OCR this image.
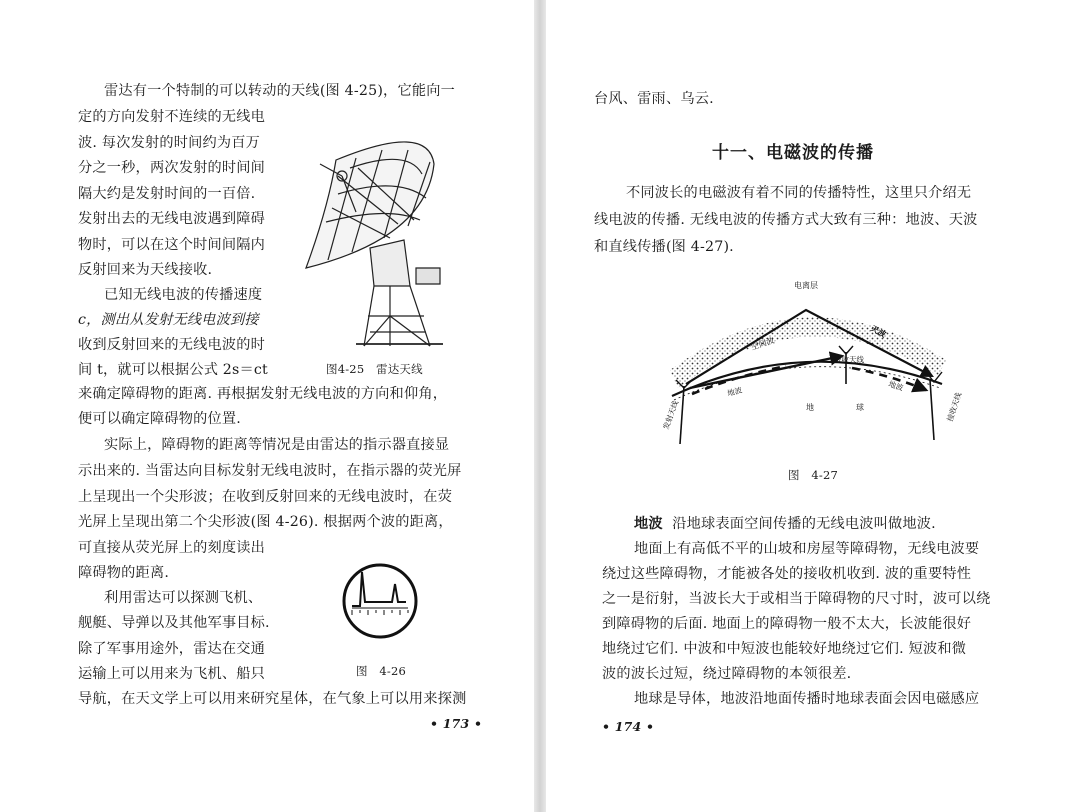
雷达有一个特制的可以转动的天线(图 4-25)，它能向一
定的方向发射不连续的无线电
波. 每次发射的时间约为百万
分之一秒，两次发射的时间间
隔大约是发射时间的一百倍.
发射出去的无线电波遇到障碍
物时，可以在这个时间间隔内
反射回来为天线接收.
已知无线电波的传播速度
c，测出从发射无线电波到接
收到反射回来的无线电波的时
间 t，就可以根据公式 2s＝ct
来确定障碍物的距离. 再根据发射无线电波的方向和仰角，
便可以确定障碍物的位置.
实际上，障碍物的距离等情况是由雷达的指示器直接显
示出来的. 当雷达向目标发射无线电波时，在指示器的荧光屏
上呈现出一个尖形波；在收到反射回来的无线电波时，在荧
光屏上呈现出第二个尖形波(图 4-26). 根据两个波的距离，
可直接从荧光屏上的刻度读出
障碍物的距离.
利用雷达可以探测飞机、
舰艇、导弹以及其他军事目标.
除了军事用途外，雷达在交通
运输上可以用来为飞机、船只
导航，在天文学上可以用来研究星体，在气象上可以用来探测
图4-25　雷达天线
图　4-26
• 173 •
台风、雷雨、乌云.
十一、电磁波的传播
不同波长的电磁波有着不同的传播特性，这里只介绍无
线电波的传播. 无线电波的传播方式大致有三种：地波、天波
和直线传播(图 4-27).
电离层
天波
空间波
接收天线
发射天线
地波	地波
地	球	接收天线
图　4-27
地波 沿地球表面空间传播的无线电波叫做地波.
地面上有高低不平的山坡和房屋等障碍物，无线电波要
绕过这些障碍物，才能被各处的接收机收到. 波的重要特性
之一是衍射，当波长大于或相当于障碍物的尺寸时，波可以绕
到障碍物的后面. 地面上的障碍物一般不太大，长波能很好
地绕过它们. 中波和中短波也能较好地绕过它们. 短波和微
波的波长过短，绕过障碍物的本领很差.
地球是导体，地波沿地面传播时地球表面会因电磁感应
• 174 •
